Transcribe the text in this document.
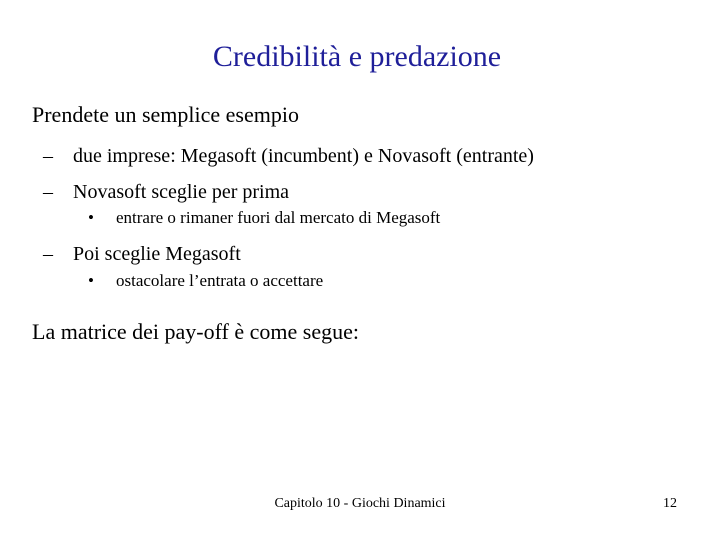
Credibilità e predazione
Prendete un semplice esempio
– due imprese: Megasoft (incumbent) e Novasoft (entrante)
– Novasoft sceglie per prima
• entrare o rimaner fuori dal mercato di Megasoft
– Poi sceglie Megasoft
• ostacolare l’entrata o accettare
La matrice dei pay-off è come segue:
Capitolo 10 - Giochi Dinamici	12
